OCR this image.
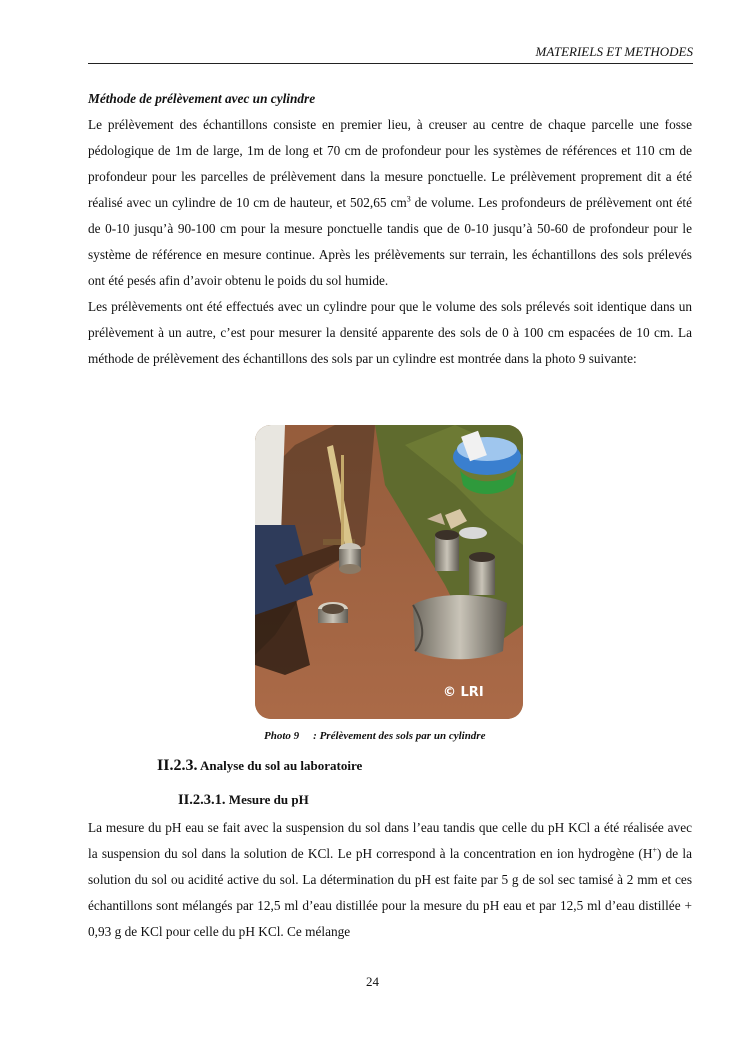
MATERIELS ET METHODES
Méthode de prélèvement avec un cylindre
Le prélèvement des échantillons consiste en premier lieu, à creuser au centre de chaque parcelle une fosse pédologique de 1m de large, 1m de long et 70 cm de profondeur pour les systèmes de références et 110 cm de profondeur pour les parcelles de prélèvement dans la mesure ponctuelle. Le prélèvement proprement dit a été réalisé avec un cylindre de 10 cm de hauteur, et 502,65 $cm^3$ de volume. Les profondeurs de prélèvement ont été de 0-10 jusqu’à 90-100 cm pour la mesure ponctuelle tandis que de 0-10 jusqu’à 50-60 de profondeur pour le système de référence en mesure continue. Après les prélèvements sur terrain, les échantillons des sols prélevés ont été pesés afin d’avoir obtenu le poids du sol humide.
Les prélèvements ont été effectués avec un cylindre pour que le volume des sols prélevés soit identique dans un prélèvement à un autre, c’est pour mesurer la densité apparente des sols de 0 à 100 cm espacées de 10 cm. La méthode de prélèvement des échantillons des sols par un cylindre est montrée dans la photo 9 suivante:
© LRI
Photo 9 : Prélèvement des sols par un cylindre
II.2.3. Analyse du sol au laboratoire
II.2.3.1. Mesure du pH
La mesure du pH eau se fait avec la suspension du sol dans l’eau tandis que celle du pH KCl a été réalisée avec la suspension du sol dans la solution de KCl. Le pH correspond à la concentration en ion hydrogène (H+) de la solution du sol ou acidité active du sol. La détermination du pH est faite par 5 g de sol sec tamisé à 2 mm et ces échantillons sont mélangés par 12,5 ml d’eau distillée pour la mesure du pH eau et par 12,5 ml d’eau distillée + 0,93 g de KCl pour celle du pH KCl. Ce mélange
24
